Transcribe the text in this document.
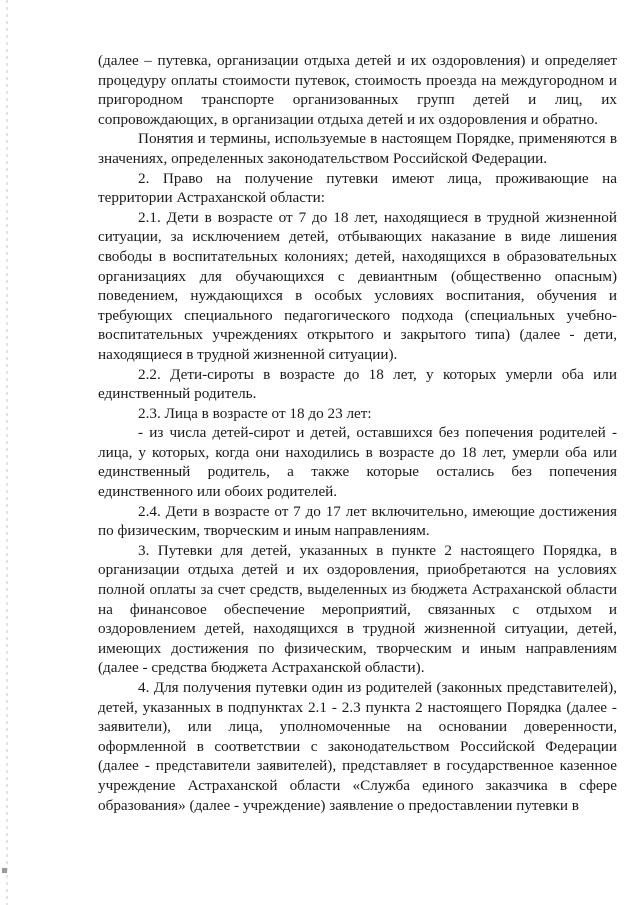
(далее – путевка, организации отдыха детей и их оздоровления) и определяет процедуру оплаты стоимости путевок, стоимость проезда на междугородном и пригородном транспорте организованных групп детей и лиц, их сопровождающих, в организации отдыха детей и их оздоровления и обратно.

Понятия и термины, используемые в настоящем Порядке, применяются в значениях, определенных законодательством Российской Федерации.

2. Право на получение путевки имеют лица, проживающие на территории Астраханской области:

2.1. Дети в возрасте от 7 до 18 лет, находящиеся в трудной жизненной ситуации, за исключением детей, отбывающих наказание в виде лишения свободы в воспитательных колониях; детей, находящихся в образовательных организациях для обучающихся с девиантным (общественно опасным) поведением, нуждающихся в особых условиях воспитания, обучения и требующих специального педагогического подхода (специальных учебно-воспитательных учреждениях открытого и закрытого типа) (далее - дети, находящиеся в трудной жизненной ситуации).

2.2. Дети-сироты в возрасте до 18 лет, у которых умерли оба или единственный родитель.

2.3. Лица в возрасте от 18 до 23 лет:

- из числа детей-сирот и детей, оставшихся без попечения родителей - лица, у которых, когда они находились в возрасте до 18 лет, умерли оба или единственный родитель, а также которые остались без попечения единственного или обоих родителей.

2.4. Дети в возрасте от 7 до 17 лет включительно, имеющие достижения по физическим, творческим и иным направлениям.

3. Путевки для детей, указанных в пункте 2 настоящего Порядка, в организации отдыха детей и их оздоровления, приобретаются на условиях полной оплаты за счет средств, выделенных из бюджета Астраханской области на финансовое обеспечение мероприятий, связанных с отдыхом и оздоровлением детей, находящихся в трудной жизненной ситуации, детей, имеющих достижения по физическим, творческим и иным направлениям (далее - средства бюджета Астраханской области).

4. Для получения путевки один из родителей (законных представителей), детей, указанных в подпунктах 2.1 - 2.3 пункта 2 настоящего Порядка (далее - заявители), или лица, уполномоченные на основании доверенности, оформленной в соответствии с законодательством Российской Федерации (далее - представители заявителей), представляет в государственное казенное учреждение Астраханской области «Служба единого заказчика в сфере образования» (далее - учреждение) заявление о предоставлении путевки в
